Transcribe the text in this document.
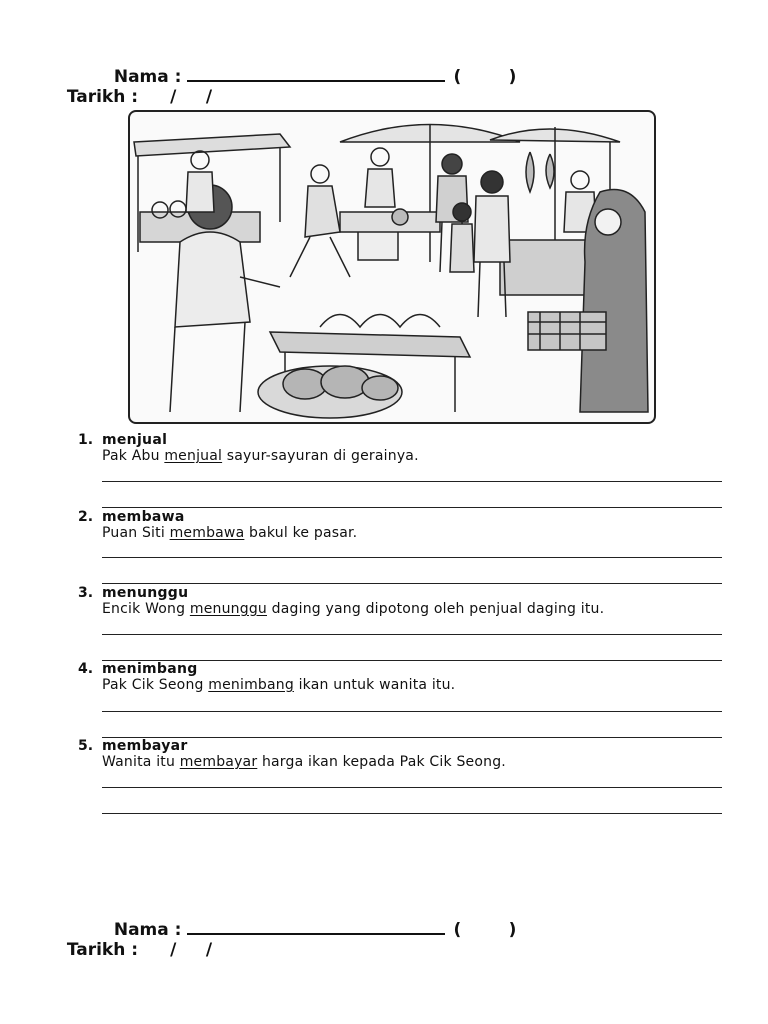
Nama :	(        )

Tarikh : /     /

1. menjual
Pak Abu menjual sayur-sayuran di gerainya.
2. membawa
Puan Siti membawa bakul ke pasar.
3. menunggu
Encik Wong menunggu daging yang dipotong oleh penjual daging itu.
4. menimbang
Pak Cik Seong menimbang ikan untuk wanita itu.
5. membayar
Wanita itu membayar harga ikan kepada Pak Cik Seong.

Nama :	(        )

Tarikh : /     /
